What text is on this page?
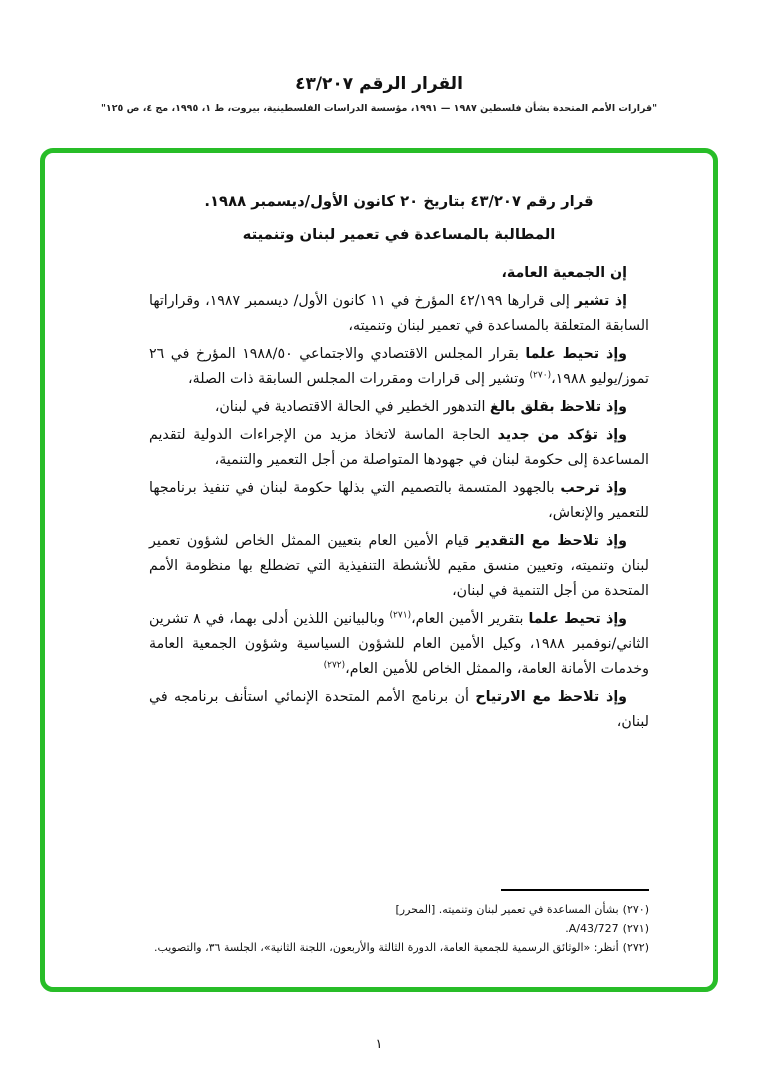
القرار الرقم ٤٣/٢٠٧
"قرارات الأمم المتحدة بشأن فلسطين ١٩٨٧ — ١٩٩١، مؤسسة الدراسات الفلسطينية، بيروت، ط ١، ١٩٩٥، مج ٤، ص ١٢٥"
قرار رقم ٤٣/٢٠٧ بتاريخ ٢٠ كانون الأول/ديسمبر ١٩٨٨.
المطالبة بالمساعدة في تعمير لبنان وتنميته

إن الجمعية العامة،

إذ تشير إلى قرارها ٤٢/١٩٩ المؤرخ في ١١ كانون الأول/ ديسمبر ١٩٨٧، وقراراتها السابقة المتعلقة بالمساعدة في تعمير لبنان وتنميته،

وإذ تحيط علما بقرار المجلس الاقتصادي والاجتماعي ١٩٨٨/٥٠ المؤرخ في ٢٦ تموز/يوليو ١٩٨٨،$^{(٢٧٠)}$ وتشير إلى قرارات ومقررات المجلس السابقة ذات الصلة،

وإذ تلاحظ بقلق بالغ التدهور الخطير في الحالة الاقتصادية في لبنان،

وإذ تؤكد من جديد الحاجة الماسة لاتخاذ مزيد من الإجراءات الدولية لتقديم المساعدة إلى حكومة لبنان في جهودها المتواصلة من أجل التعمير والتنمية،

وإذ ترحب بالجهود المتسمة بالتصميم التي بذلها حكومة لبنان في تنفيذ برنامجها للتعمير والإنعاش،

وإذ تلاحظ مع التقدير قيام الأمين العام بتعيين الممثل الخاص لشؤون تعمير لبنان وتنميته، وتعيين منسق مقيم للأنشطة التنفيذية التي تضطلع بها منظومة الأمم المتحدة من أجل التنمية في لبنان،

وإذ تحيط علما بتقرير الأمين العام،$^{(٢٧١)}$ وبالبيانين اللذين أدلى بهما، في ٨ تشرين الثاني/نوفمبر ١٩٨٨، وكيل الأمين العام للشؤون السياسية وشؤون الجمعية العامة وخدمات الأمانة العامة، والممثل الخاص للأمين العام،$^{(٢٧٢)}$

وإذ تلاحظ مع الارتياح أن برنامج الأمم المتحدة الإنمائي استأنف برنامجه في لبنان،

(٢٧٠)بشأن المساعدة في تعمير لبنان وتنميته. [المحرر]
(٢٧١)A/43/727.
(٢٧٢)أنظر: «الوثائق الرسمية للجمعية العامة، الدورة الثالثة والأربعون، اللجنة الثانية»، الجلسة ٣٦، والتصويب.
١
